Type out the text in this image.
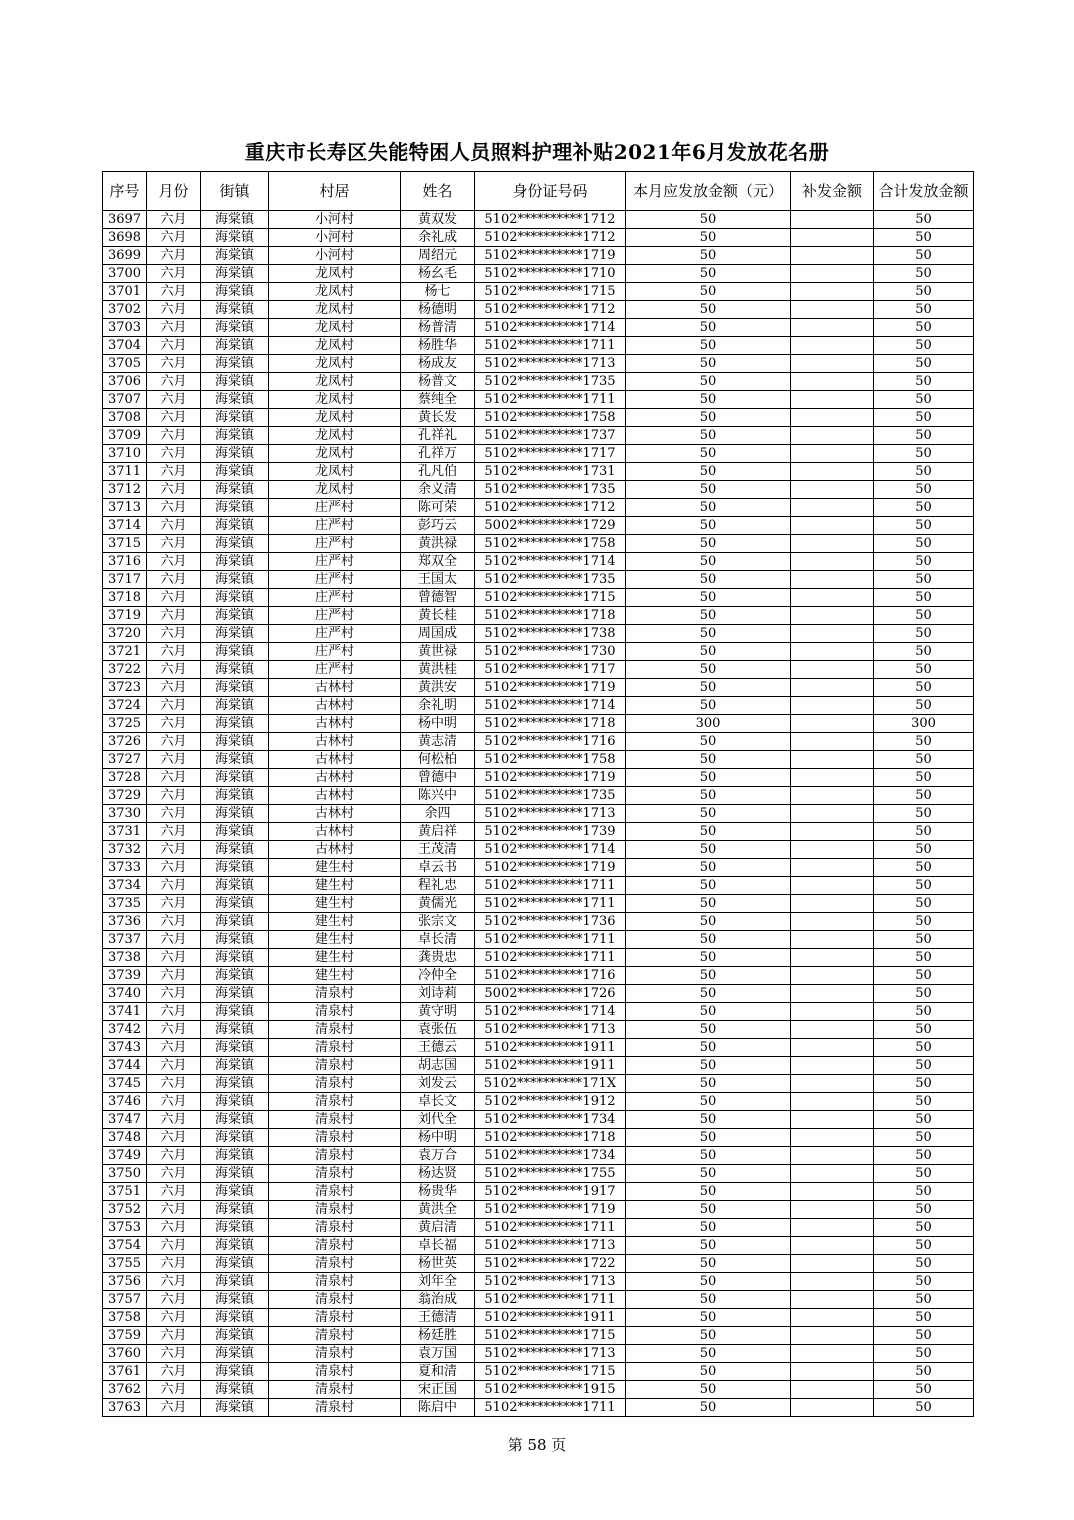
重庆市长寿区失能特困人员照料护理补贴2021年6月发放花名册
序号	月份	街镇	村居	姓名	身份证号码	本月应发放金额（元）	补发金额	合计发放金额
3697	六月	海棠镇	小河村	黄双发	5102**********1712	50		50
3698	六月	海棠镇	小河村	余礼成	5102**********1712	50		50
3699	六月	海棠镇	小河村	周绍元	5102**********1719	50		50
3700	六月	海棠镇	龙凤村	杨幺毛	5102**********1710	50		50
3701	六月	海棠镇	龙凤村	杨七	5102**********1715	50		50
3702	六月	海棠镇	龙凤村	杨德明	5102**********1712	50		50
3703	六月	海棠镇	龙凤村	杨普清	5102**********1714	50		50
3704	六月	海棠镇	龙凤村	杨胜华	5102**********1711	50		50
3705	六月	海棠镇	龙凤村	杨成友	5102**********1713	50		50
3706	六月	海棠镇	龙凤村	杨普文	5102**********1735	50		50
3707	六月	海棠镇	龙凤村	蔡纯全	5102**********1711	50		50
3708	六月	海棠镇	龙凤村	黄长发	5102**********1758	50		50
3709	六月	海棠镇	龙凤村	孔祥礼	5102**********1737	50		50
3710	六月	海棠镇	龙凤村	孔祥万	5102**********1717	50		50
3711	六月	海棠镇	龙凤村	孔凡伯	5102**********1731	50		50
3712	六月	海棠镇	龙凤村	余义清	5102**********1735	50		50
3713	六月	海棠镇	庄严村	陈可荣	5102**********1712	50		50
3714	六月	海棠镇	庄严村	彭巧云	5002**********1729	50		50
3715	六月	海棠镇	庄严村	黄洪禄	5102**********1758	50		50
3716	六月	海棠镇	庄严村	郑双全	5102**********1714	50		50
3717	六月	海棠镇	庄严村	王国太	5102**********1735	50		50
3718	六月	海棠镇	庄严村	曾德智	5102**********1715	50		50
3719	六月	海棠镇	庄严村	黄长桂	5102**********1718	50		50
3720	六月	海棠镇	庄严村	周国成	5102**********1738	50		50
3721	六月	海棠镇	庄严村	黄世禄	5102**********1730	50		50
3722	六月	海棠镇	庄严村	黄洪桂	5102**********1717	50		50
3723	六月	海棠镇	古林村	黄洪安	5102**********1719	50		50
3724	六月	海棠镇	古林村	余礼明	5102**********1714	50		50
3725	六月	海棠镇	古林村	杨中明	5102**********1718	300		300
3726	六月	海棠镇	古林村	黄志清	5102**********1716	50		50
3727	六月	海棠镇	古林村	何松柏	5102**********1758	50		50
3728	六月	海棠镇	古林村	曾德中	5102**********1719	50		50
3729	六月	海棠镇	古林村	陈兴中	5102**********1735	50		50
3730	六月	海棠镇	古林村	余四	5102**********1713	50		50
3731	六月	海棠镇	古林村	黄启祥	5102**********1739	50		50
3732	六月	海棠镇	古林村	王茂清	5102**********1714	50		50
3733	六月	海棠镇	建生村	卓云书	5102**********1719	50		50
3734	六月	海棠镇	建生村	程礼忠	5102**********1711	50		50
3735	六月	海棠镇	建生村	黄儒光	5102**********1711	50		50
3736	六月	海棠镇	建生村	张宗文	5102**********1736	50		50
3737	六月	海棠镇	建生村	卓长清	5102**********1711	50		50
3738	六月	海棠镇	建生村	龚贵忠	5102**********1711	50		50
3739	六月	海棠镇	建生村	冷仲全	5102**********1716	50		50
3740	六月	海棠镇	清泉村	刘诗莉	5002**********1726	50		50
3741	六月	海棠镇	清泉村	黄守明	5102**********1714	50		50
3742	六月	海棠镇	清泉村	袁张伍	5102**********1713	50		50
3743	六月	海棠镇	清泉村	王德云	5102**********1911	50		50
3744	六月	海棠镇	清泉村	胡志国	5102**********1911	50		50
3745	六月	海棠镇	清泉村	刘发云	5102**********171X	50		50
3746	六月	海棠镇	清泉村	卓长文	5102**********1912	50		50
3747	六月	海棠镇	清泉村	刘代全	5102**********1734	50		50
3748	六月	海棠镇	清泉村	杨中明	5102**********1718	50		50
3749	六月	海棠镇	清泉村	袁万合	5102**********1734	50		50
3750	六月	海棠镇	清泉村	杨达贤	5102**********1755	50		50
3751	六月	海棠镇	清泉村	杨贵华	5102**********1917	50		50
3752	六月	海棠镇	清泉村	黄洪全	5102**********1719	50		50
3753	六月	海棠镇	清泉村	黄启清	5102**********1711	50		50
3754	六月	海棠镇	清泉村	卓长福	5102**********1713	50		50
3755	六月	海棠镇	清泉村	杨世英	5102**********1722	50		50
3756	六月	海棠镇	清泉村	刘年全	5102**********1713	50		50
3757	六月	海棠镇	清泉村	翁治成	5102**********1711	50		50
3758	六月	海棠镇	清泉村	王德清	5102**********1911	50		50
3759	六月	海棠镇	清泉村	杨廷胜	5102**********1715	50		50
3760	六月	海棠镇	清泉村	袁万国	5102**********1713	50		50
3761	六月	海棠镇	清泉村	夏和清	5102**********1715	50		50
3762	六月	海棠镇	清泉村	宋正国	5102**********1915	50		50
3763	六月	海棠镇	清泉村	陈启中	5102**********1711	50		50
第 58 页
